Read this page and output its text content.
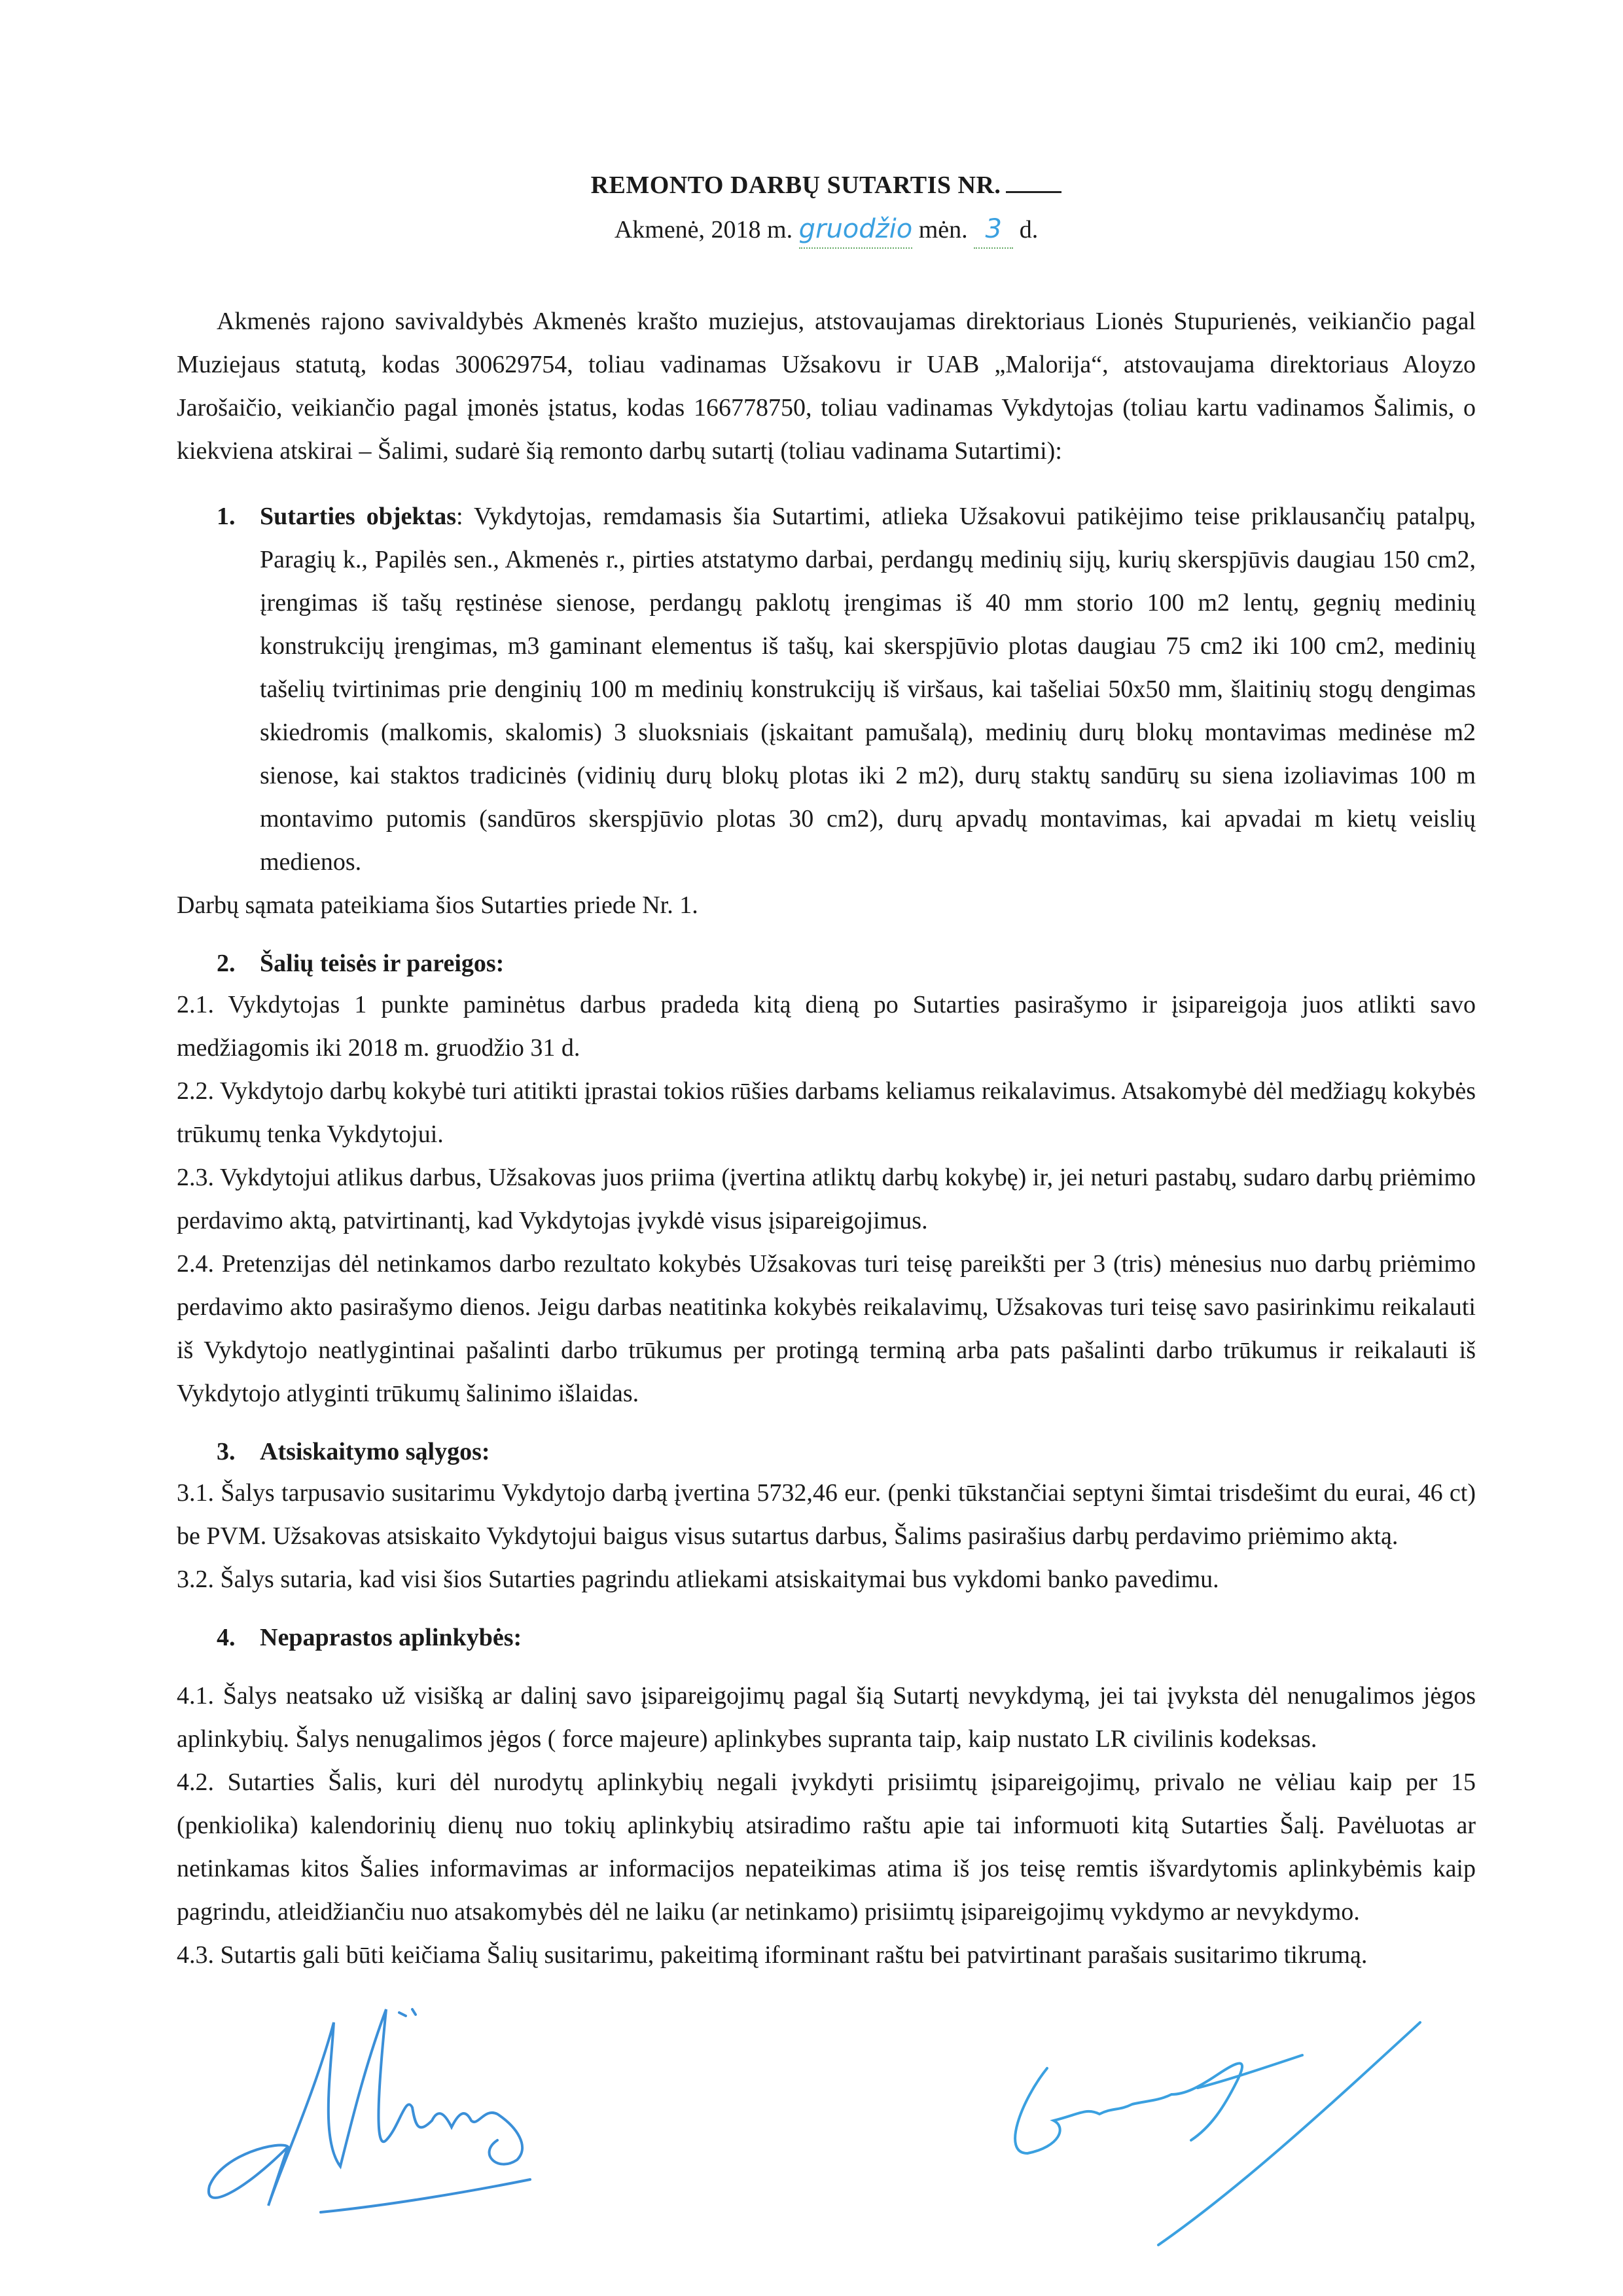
REMONTO DARBŲ SUTARTIS NR.
Akmenė, 2018 m. gruodžio mėn. 3 d.

Akmenės rajono savivaldybės Akmenės krašto muziejus, atstovaujamas direktoriaus Lionės Stupurienės, veikiančio pagal Muziejaus statutą, kodas 300629754, toliau vadinamas Užsakovu ir UAB „Malorija“, atstovaujama direktoriaus Aloyzo Jarošaičio, veikiančio pagal įmonės įstatus, kodas 166778750, toliau vadinamas Vykdytojas (toliau kartu vadinamos Šalimis, o kiekviena atskirai – Šalimi, sudarė šią remonto darbų sutartį (toliau vadinama Sutartimi):

1. Sutarties objektas: Vykdytojas, remdamasis šia Sutartimi, atlieka Užsakovui patikėjimo teise priklausančių patalpų, Paragių k., Papilės sen., Akmenės r., pirties atstatymo darbai, perdangų medinių sijų, kurių skerspjūvis daugiau 150 cm2, įrengimas iš tašų ręstinėse sienose, perdangų paklotų įrengimas iš 40 mm storio 100 m2 lentų, gegnių medinių konstrukcijų įrengimas, m3 gaminant elementus iš tašų, kai skerspjūvio plotas daugiau 75 cm2 iki 100 cm2, medinių tašelių tvirtinimas prie denginių 100 m medinių konstrukcijų iš viršaus, kai tašeliai 50x50 mm, šlaitinių stogų dengimas skiedromis (malkomis, skalomis) 3 sluoksniais (įskaitant pamušalą), medinių durų blokų montavimas medinėse m2 sienose, kai staktos tradicinės (vidinių durų blokų plotas iki 2 m2), durų staktų sandūrų su siena izoliavimas 100 m montavimo putomis (sandūros skerspjūvio plotas 30 cm2), durų apvadų montavimas, kai apvadai m kietų veislių medienos.

Darbų sąmata pateikiama šios Sutarties priede Nr. 1.

2. Šalių teisės ir pareigos:

2.1. Vykdytojas 1 punkte paminėtus darbus pradeda kitą dieną po Sutarties pasirašymo ir įsipareigoja juos atlikti savo medžiagomis iki 2018 m. gruodžio 31 d.

2.2. Vykdytojo darbų kokybė turi atitikti įprastai tokios rūšies darbams keliamus reikalavimus. Atsakomybė dėl medžiagų kokybės trūkumų tenka Vykdytojui.

2.3. Vykdytojui atlikus darbus, Užsakovas juos priima (įvertina atliktų darbų kokybę) ir, jei neturi pastabų, sudaro darbų priėmimo perdavimo aktą, patvirtinantį, kad Vykdytojas įvykdė visus įsipareigojimus.

2.4. Pretenzijas dėl netinkamos darbo rezultato kokybės Užsakovas turi teisę pareikšti per 3 (tris) mėnesius nuo darbų priėmimo perdavimo akto pasirašymo dienos. Jeigu darbas neatitinka kokybės reikalavimų, Užsakovas turi teisę savo pasirinkimu reikalauti iš Vykdytojo neatlygintinai pašalinti darbo trūkumus per protingą terminą arba pats pašalinti darbo trūkumus ir reikalauti iš Vykdytojo atlyginti trūkumų šalinimo išlaidas.

3. Atsiskaitymo sąlygos:

3.1. Šalys tarpusavio susitarimu Vykdytojo darbą įvertina 5732,46 eur. (penki tūkstančiai septyni šimtai trisdešimt du eurai, 46 ct) be PVM. Užsakovas atsiskaito Vykdytojui baigus visus sutartus darbus, Šalims pasirašius darbų perdavimo priėmimo aktą.

3.2. Šalys sutaria, kad visi šios Sutarties pagrindu atliekami atsiskaitymai bus vykdomi banko pavedimu.

4. Nepaprastos aplinkybės:

4.1. Šalys neatsako už visišką ar dalinį savo įsipareigojimų pagal šią Sutartį nevykdymą, jei tai įvyksta dėl nenugalimos jėgos aplinkybių. Šalys nenugalimos jėgos ( force majeure) aplinkybes supranta taip, kaip nustato LR civilinis kodeksas.

4.2. Sutarties Šalis, kuri dėl nurodytų aplinkybių negali įvykdyti prisiimtų įsipareigojimų, privalo ne vėliau kaip per 15 (penkiolika) kalendorinių dienų nuo tokių aplinkybių atsiradimo raštu apie tai informuoti kitą Sutarties Šalį. Pavėluotas ar netinkamas kitos Šalies informavimas ar informacijos nepateikimas atima iš jos teisę remtis išvardytomis aplinkybėmis kaip pagrindu, atleidžiančiu nuo atsakomybės dėl ne laiku (ar netinkamo) prisiimtų įsipareigojimų vykdymo ar nevykdymo.

4.3. Sutartis gali būti keičiama Šalių susitarimu, pakeitimą iforminant raštu bei patvirtinant parašais susitarimo tikrumą.
